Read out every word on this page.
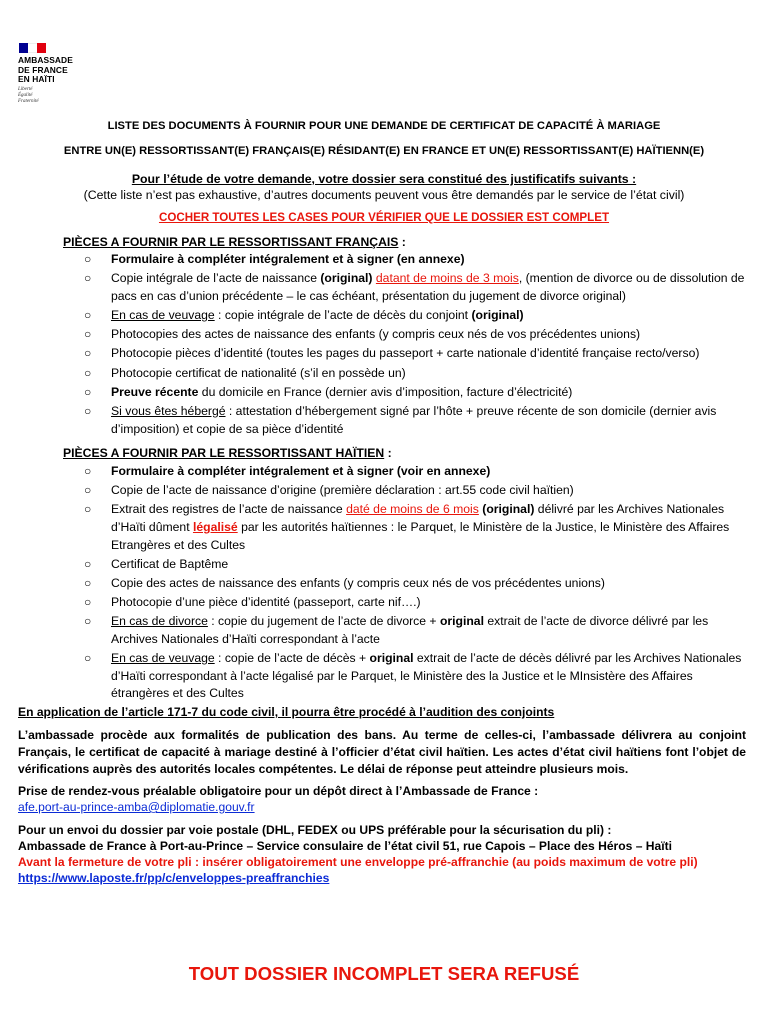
AMBASSADE
DE FRANCE
EN HAÏTI
Liberté
Égalité
Fraternité
LISTE DES DOCUMENTS À FOURNIR POUR UNE DEMANDE DE CERTIFICAT DE CAPACITÉ À MARIAGE
ENTRE UN(E) RESSORTISSANT(E) FRANÇAIS(E) RÉSIDANT(E) EN FRANCE ET UN(E) RESSORTISSANT(E) HAÏTIENN(E)
Pour l’étude de votre demande, votre dossier sera constitué des justificatifs suivants :
(Cette liste n’est pas exhaustive, d’autres documents peuvent vous être demandés par le service de l’état civil)
COCHER TOUTES LES CASES POUR VÉRIFIER QUE LE DOSSIER EST COMPLET
PIÈCES A FOURNIR PAR LE RESSORTISSANT FRANÇAIS :
○ Formulaire à compléter intégralement et à signer (en annexe)
○ Copie intégrale de l’acte de naissance (original) datant de moins de 3 mois, (mention de divorce ou de dissolution de pacs en cas d’union précédente – le cas échéant, présentation du jugement de divorce original)
○ En cas de veuvage : copie intégrale de l’acte de décès du conjoint (original)
○ Photocopies des actes de naissance des enfants (y compris ceux nés de vos précédentes unions)
○ Photocopie pièces d’identité (toutes les pages du passeport + carte nationale d’identité française recto/verso)
○ Photocopie certificat de nationalité (s’il en possède un)
○ Preuve récente du domicile en France (dernier avis d’imposition, facture d’électricité)
○ Si vous êtes hébergé : attestation d’hébergement signé par l’hôte + preuve récente de son domicile (dernier avis d’imposition) et copie de sa pièce d’identité
PIÈCES A FOURNIR PAR LE RESSORTISSANT HAÏTIEN :
○ Formulaire à compléter intégralement et à signer (voir en annexe)
○ Copie de l’acte de naissance d’origine (première déclaration : art.55 code civil haïtien)
○ Extrait des registres de l’acte de naissance daté de moins de 6 mois (original) délivré par les Archives Nationales d’Haïti dûment légalisé par les autorités haïtiennes : le Parquet, le Ministère de la Justice, le Ministère des Affaires Etrangères et des Cultes
○ Certificat de Baptême
○ Copie des actes de naissance des enfants (y compris ceux nés de vos précédentes unions)
○ Photocopie d’une pièce d’identité (passeport, carte nif….)
○ En cas de divorce : copie du jugement de l’acte de divorce + original extrait de l’acte de divorce délivré par les Archives Nationales d’Haïti correspondant à l’acte
○ En cas de veuvage : copie de l’acte de décès + original extrait de l’acte de décès délivré par les Archives Nationales d’Haïti correspondant à l’acte légalisé par le Parquet, le Ministère des la Justice et le MInsistère des Affaires étrangères et des Cultes
En application de l’article 171-7 du code civil, il pourra être procédé à l’audition des conjoints
L’ambassade procède aux formalités de publication des bans. Au terme de celles-ci, l’ambassade délivrera au conjoint Français, le certificat de capacité à mariage destiné à l’officier d’état civil haïtien. Les actes d’état civil haïtiens font l’objet de vérifications auprès des autorités locales compétentes. Le délai de réponse peut atteindre plusieurs mois.
Prise de rendez-vous préalable obligatoire pour un dépôt direct à l’Ambassade de France :
afe.port-au-prince-amba@diplomatie.gouv.fr
Pour un envoi du dossier par voie postale (DHL, FEDEX ou UPS préférable pour la sécurisation du pli) :
Ambassade de France à Port-au-Prince – Service consulaire de l’état civil 51, rue Capois – Place des Héros – Haïti
Avant la fermeture de votre pli : insérer obligatoirement une enveloppe pré-affranchie (au poids maximum de votre pli)
https://www.laposte.fr/pp/c/enveloppes-preaffranchies
TOUT DOSSIER INCOMPLET SERA REFUSÉ
